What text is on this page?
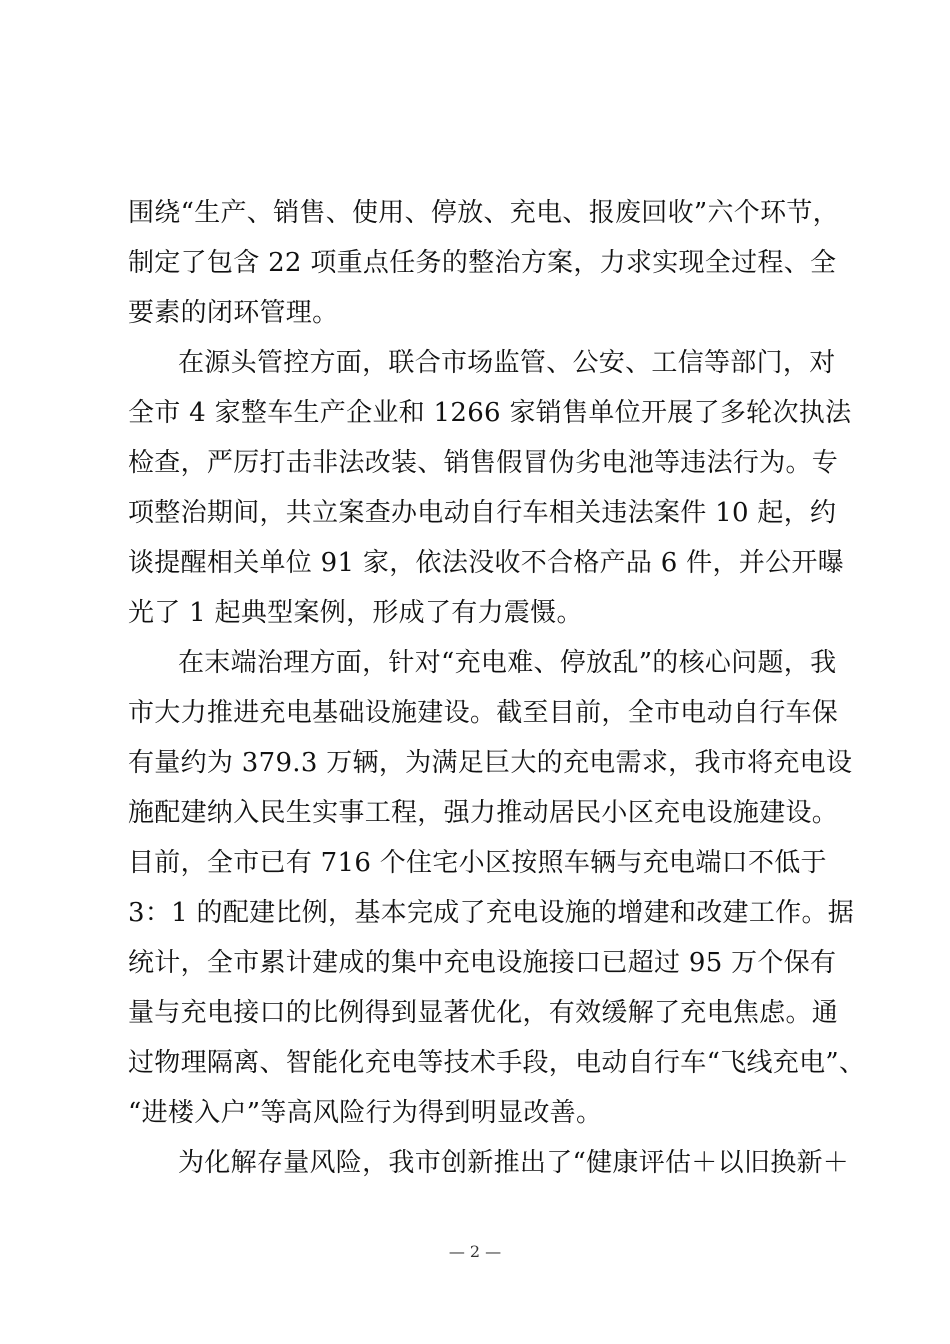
围绕“生产、销售、使用、停放、充电、报废回收”六个环节，
制定了包含 22 项重点任务的整治方案，力求实现全过程、全
要素的闭环管理。
在源头管控方面，联合市场监管、公安、工信等部门，对
全市 4 家整车生产企业和 1266 家销售单位开展了多轮次执法
检查，严厉打击非法改装、销售假冒伪劣电池等违法行为。专
项整治期间，共立案查办电动自行车相关违法案件 10 起，约
谈提醒相关单位 91 家，依法没收不合格产品 6 件，并公开曝
光了 1 起典型案例，形成了有力震慑。
在末端治理方面，针对“充电难、停放乱”的核心问题，我
市大力推进充电基础设施建设。截至目前，全市电动自行车保
有量约为 379.3 万辆，为满足巨大的充电需求，我市将充电设
施配建纳入民生实事工程，强力推动居民小区充电设施建设。
目前，全市已有 716 个住宅小区按照车辆与充电端口不低于
3：1 的配建比例，基本完成了充电设施的增建和改建工作。据
统计，全市累计建成的集中充电设施接口已超过 95 万个保有
量与充电接口的比例得到显著优化，有效缓解了充电焦虑。通
过物理隔离、智能化充电等技术手段，电动自行车“飞线充电”、
“进楼入户”等高风险行为得到明显改善。
为化解存量风险，我市创新推出了“健康评估＋以旧换新＋
— 2 —
